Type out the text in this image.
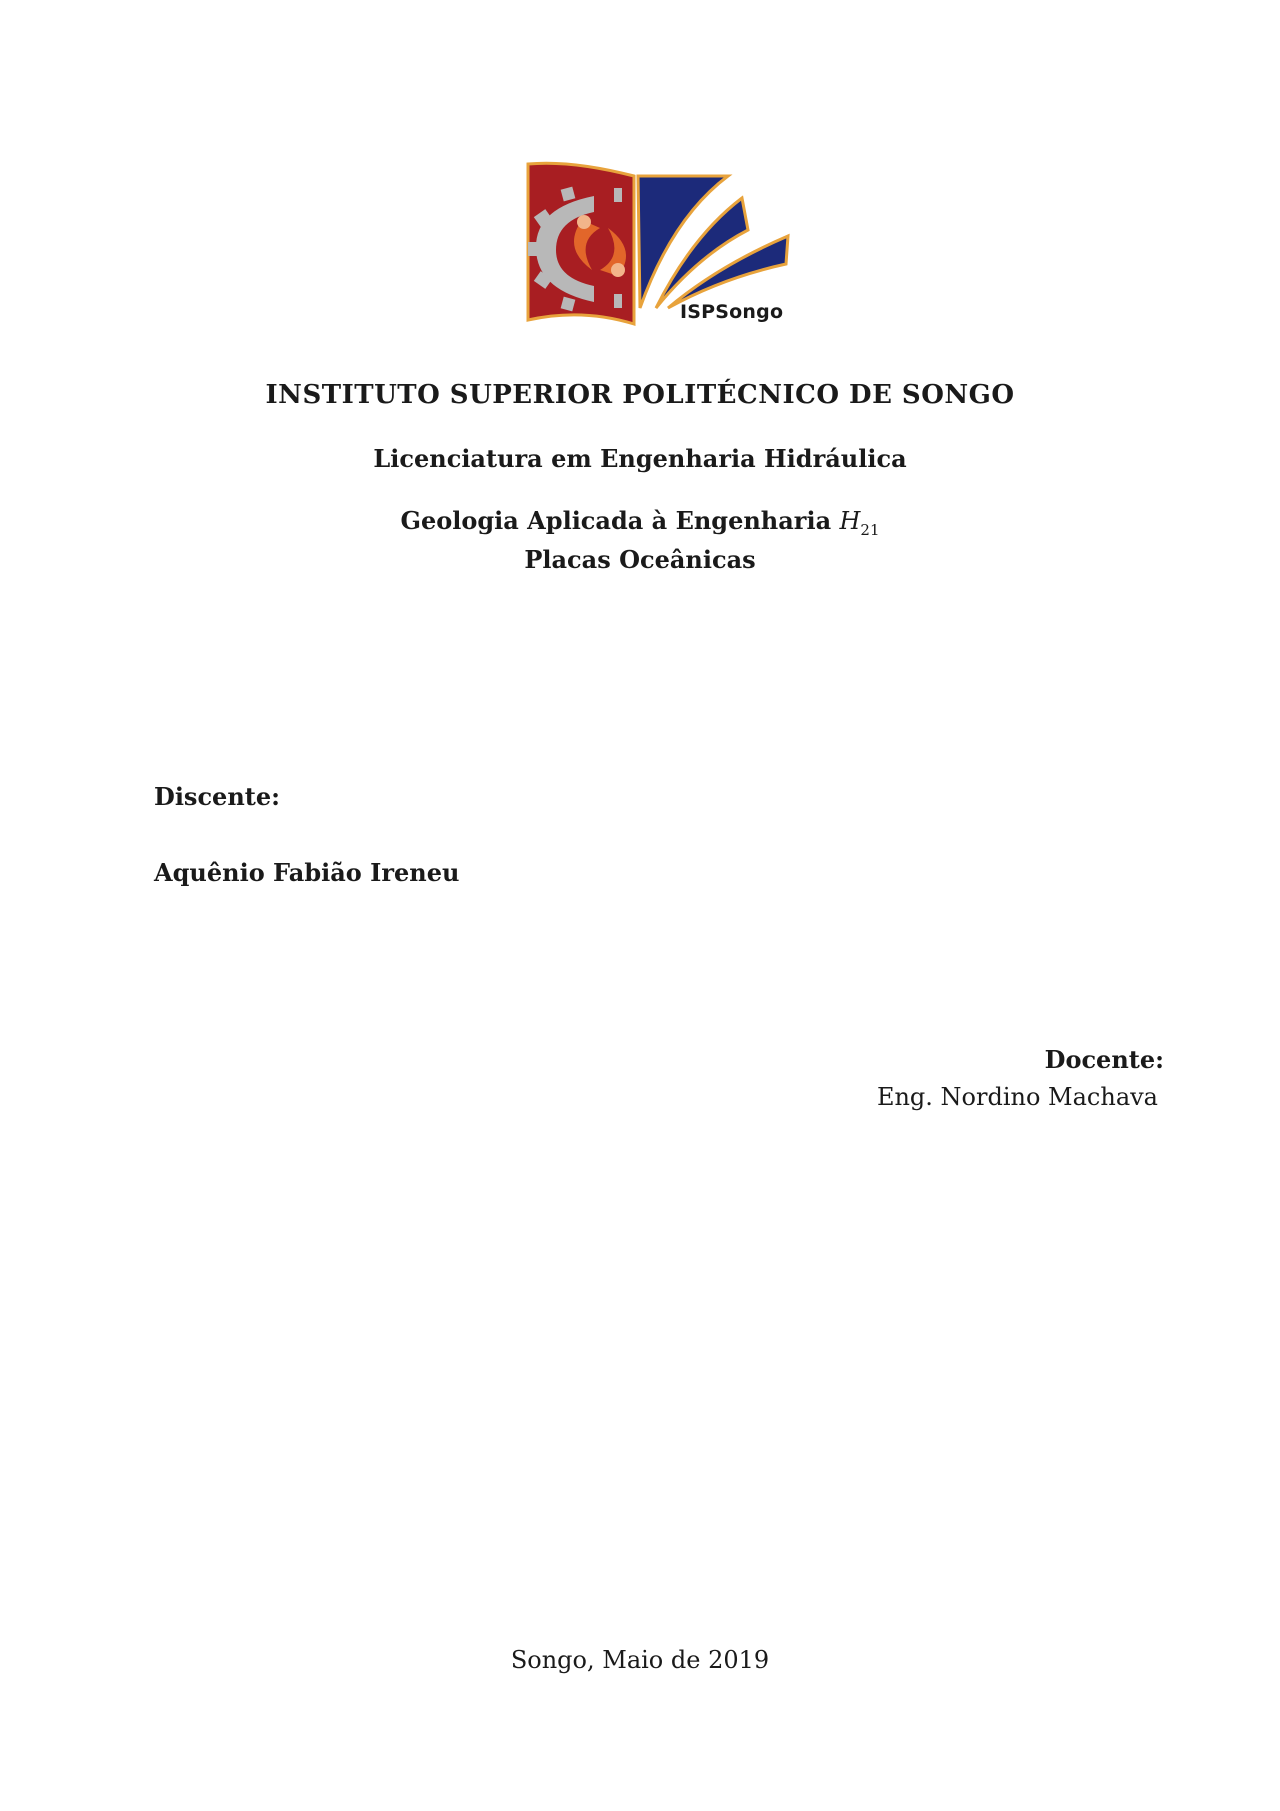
ISPSongo

INSTITUTO SUPERIOR POLITÉCNICO DE SONGO

Licenciatura em Engenharia Hidráulica

Geologia Aplicada à Engenharia $H_{21}$

Placas Oceânicas

Discente:

Aquênio Fabião Ireneu

Docente:

Eng. Nordino Machava

Songo, Maio de 2019
